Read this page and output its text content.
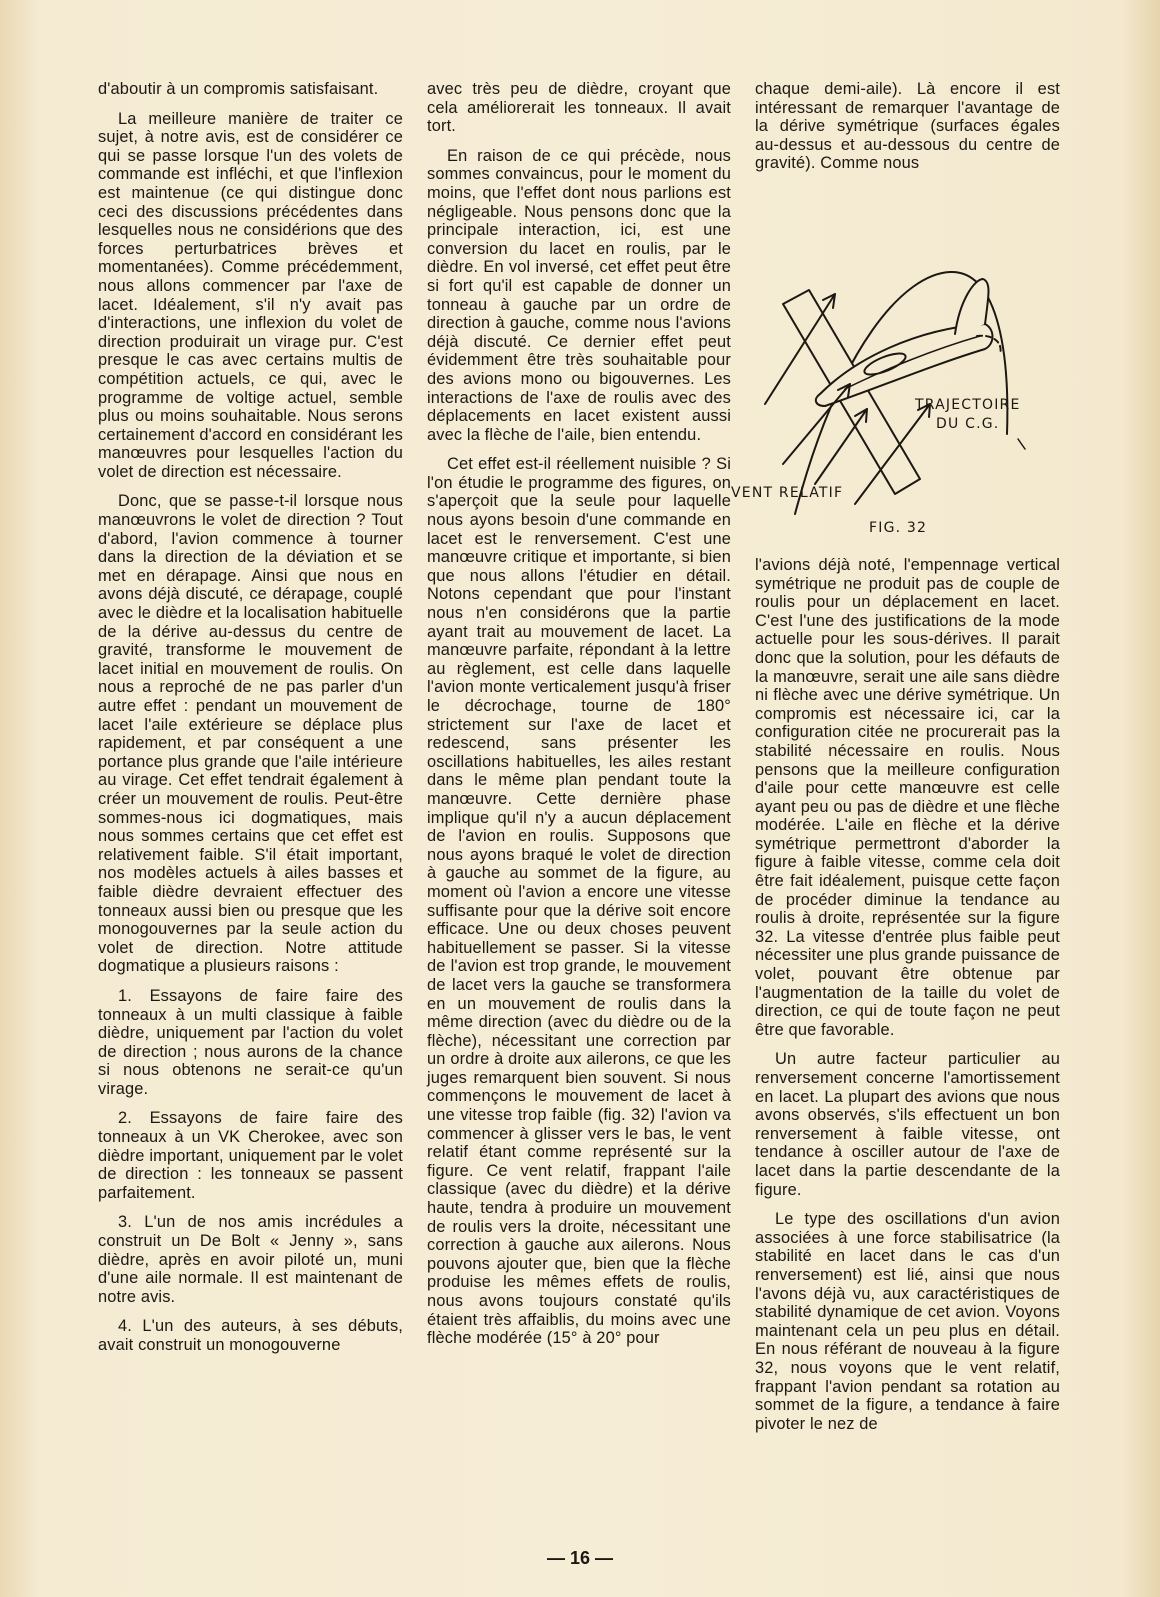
d'aboutir à un compromis satisfaisant.

La meilleure manière de traiter ce sujet, à notre avis, est de considérer ce qui se passe lorsque l'un des volets de commande est infléchi, et que l'inflexion est maintenue (ce qui distingue donc ceci des discussions précédentes dans lesquelles nous ne considérions que des forces perturbatrices brèves et momentanées). Comme précédemment, nous allons commencer par l'axe de lacet. Idéalement, s'il n'y avait pas d'interactions, une inflexion du volet de direction produirait un virage pur. C'est presque le cas avec certains multis de compétition actuels, ce qui, avec le programme de voltige actuel, semble plus ou moins souhaitable. Nous serons certainement d'accord en considérant les manœuvres pour lesquelles l'action du volet de direction est nécessaire.

Donc, que se passe-t-il lorsque nous manœuvrons le volet de direction ? Tout d'abord, l'avion commence à tourner dans la direction de la déviation et se met en dérapage. Ainsi que nous en avons déjà discuté, ce dérapage, couplé avec le dièdre et la localisation habituelle de la dérive au-dessus du centre de gravité, transforme le mouvement de lacet initial en mouvement de roulis. On nous a reproché de ne pas parler d'un autre effet : pendant un mouvement de lacet l'aile extérieure se déplace plus rapidement, et par conséquent a une portance plus grande que l'aile intérieure au virage. Cet effet tendrait également à créer un mouvement de roulis. Peut-être sommes-nous ici dogmatiques, mais nous sommes certains que cet effet est relativement faible. S'il était important, nos modèles actuels à ailes basses et faible dièdre devraient effectuer des tonneaux aussi bien ou presque que les monogouvernes par la seule action du volet de direction. Notre attitude dogmatique a plusieurs raisons :

1. Essayons de faire faire des tonneaux à un multi classique à faible dièdre, uniquement par l'action du volet de direction ; nous aurons de la chance si nous obtenons ne serait-ce qu'un virage.

2. Essayons de faire faire des tonneaux à un VK Cherokee, avec son dièdre important, uniquement par le volet de direction : les tonneaux se passent parfaitement.

3. L'un de nos amis incrédules a construit un De Bolt « Jenny », sans dièdre, après en avoir piloté un, muni d'une aile normale. Il est maintenant de notre avis.

4. L'un des auteurs, à ses débuts, avait construit un monogouverne

avec très peu de dièdre, croyant que cela améliorerait les tonneaux. Il avait tort.

En raison de ce qui précède, nous sommes convaincus, pour le moment du moins, que l'effet dont nous parlions est négligeable. Nous pensons donc que la principale interaction, ici, est une conversion du lacet en roulis, par le dièdre. En vol inversé, cet effet peut être si fort qu'il est capable de donner un tonneau à gauche par un ordre de direction à gauche, comme nous l'avions déjà discuté. Ce dernier effet peut évidemment être très souhaitable pour des avions mono ou bigouvernes. Les interactions de l'axe de roulis avec des déplacements en lacet existent aussi avec la flèche de l'aile, bien entendu.

Cet effet est-il réellement nuisible ? Si l'on étudie le programme des figures, on s'aperçoit que la seule pour laquelle nous ayons besoin d'une commande en lacet est le renversement. C'est une manœuvre critique et importante, si bien que nous allons l'étudier en détail. Notons cependant que pour l'instant nous n'en considérons que la partie ayant trait au mouvement de lacet. La manœuvre parfaite, répondant à la lettre au règlement, est celle dans laquelle l'avion monte verticalement jusqu'à friser le décrochage, tourne de 180° strictement sur l'axe de lacet et redescend, sans présenter les oscillations habituelles, les ailes restant dans le même plan pendant toute la manœuvre. Cette dernière phase implique qu'il n'y a aucun déplacement de l'avion en roulis. Supposons que nous ayons braqué le volet de direction à gauche au sommet de la figure, au moment où l'avion a encore une vitesse suffisante pour que la dérive soit encore efficace. Une ou deux choses peuvent habituellement se passer. Si la vitesse de l'avion est trop grande, le mouvement de lacet vers la gauche se transformera en un mouvement de roulis dans la même direction (avec du dièdre ou de la flèche), nécessitant une correction par un ordre à droite aux ailerons, ce que les juges remarquent bien souvent. Si nous commençons le mouvement de lacet à une vitesse trop faible (fig. 32) l'avion va commencer à glisser vers le bas, le vent relatif étant comme représenté sur la figure. Ce vent relatif, frappant l'aile classique (avec du dièdre) et la dérive haute, tendra à produire un mouvement de roulis vers la droite, nécessitant une correction à gauche aux ailerons. Nous pouvons ajouter que, bien que la flèche produise les mêmes effets de roulis, nous avons toujours constaté qu'ils étaient très affaiblis, du moins avec une flèche modérée (15° à 20° pour

chaque demi-aile). Là encore il est intéressant de remarquer l'avantage de la dérive symétrique (surfaces égales au-dessus et au-dessous du centre de gravité). Comme nous

TRAJECTOIRE
DU C.G.
VENT RELATIF
FIG. 32

l'avions déjà noté, l'empennage vertical symétrique ne produit pas de couple de roulis pour un déplacement en lacet. C'est l'une des justifications de la mode actuelle pour les sous-dérives. Il parait donc que la solution, pour les défauts de la manœuvre, serait une aile sans dièdre ni flèche avec une dérive symétrique. Un compromis est nécessaire ici, car la configuration citée ne procurerait pas la stabilité nécessaire en roulis. Nous pensons que la meilleure configuration d'aile pour cette manœuvre est celle ayant peu ou pas de dièdre et une flèche modérée. L'aile en flèche et la dérive symétrique permettront d'aborder la figure à faible vitesse, comme cela doit être fait idéalement, puisque cette façon de procéder diminue la tendance au roulis à droite, représentée sur la figure 32. La vitesse d'entrée plus faible peut nécessiter une plus grande puissance de volet, pouvant être obtenue par l'augmentation de la taille du volet de direction, ce qui de toute façon ne peut être que favorable.

Un autre facteur particulier au renversement concerne l'amortissement en lacet. La plupart des avions que nous avons observés, s'ils effectuent un bon renversement à faible vitesse, ont tendance à osciller autour de l'axe de lacet dans la partie descendante de la figure.

Le type des oscillations d'un avion associées à une force stabilisatrice (la stabilité en lacet dans le cas d'un renversement) est lié, ainsi que nous l'avons déjà vu, aux caractéristiques de stabilité dynamique de cet avion. Voyons maintenant cela un peu plus en détail. En nous référant de nouveau à la figure 32, nous voyons que le vent relatif, frappant l'avion pendant sa rotation au sommet de la figure, a tendance à faire pivoter le nez de

— 16 —
